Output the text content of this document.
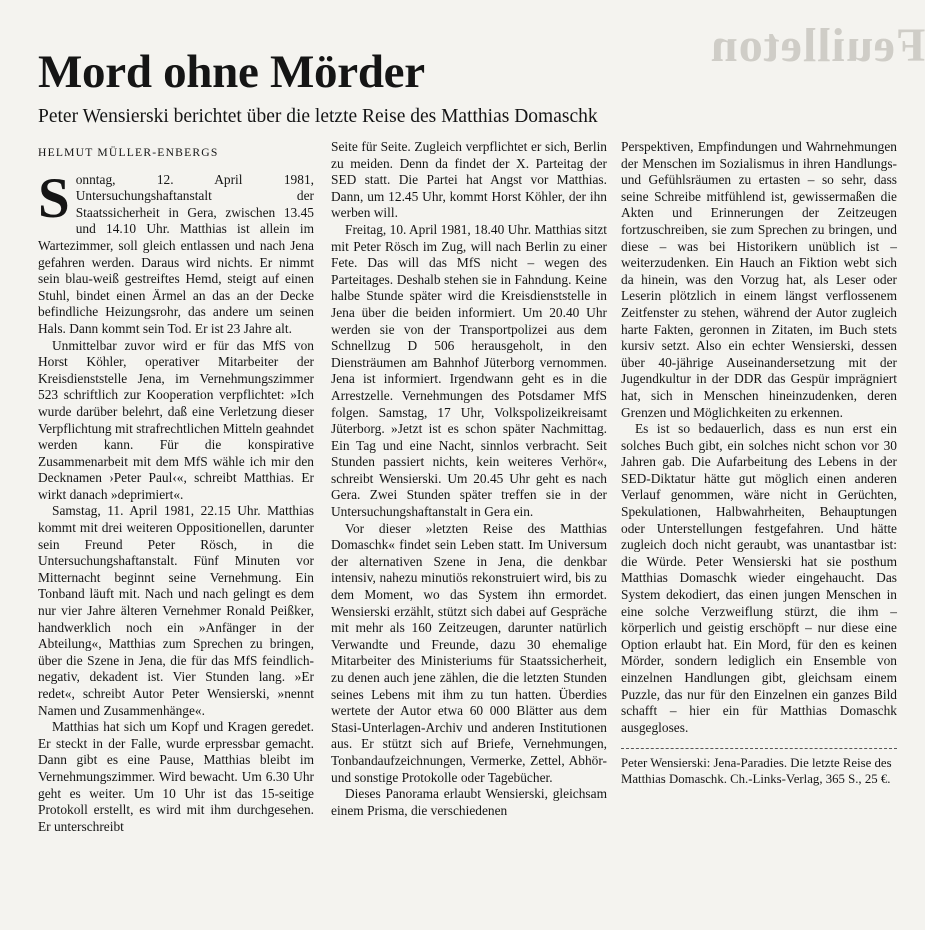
Feuilleton
Mord ohne Mörder

Peter Wensierski berichtet über die letzte Reise des Matthias Domaschk

HELMUT MÜLLER-ENBERGS

Sonntag, 12. April 1981, Untersuchungshaftanstalt der Staatssicherheit in Gera, zwischen 13.45 und 14.10 Uhr. Matthias ist allein im Wartezimmer, soll gleich entlassen und nach Jena gefahren werden. Daraus wird nichts. Er nimmt sein blau-weiß gestreiftes Hemd, steigt auf einen Stuhl, bindet einen Ärmel an das an der Decke befindliche Heizungsrohr, das andere um seinen Hals. Dann kommt sein Tod. Er ist 23 Jahre alt.

Unmittelbar zuvor wird er für das MfS von Horst Köhler, operativer Mitarbeiter der Kreisdienststelle Jena, im Vernehmungszimmer 523 schriftlich zur Kooperation verpflichtet: »Ich wurde darüber belehrt, daß eine Verletzung dieser Verpflichtung mit strafrechtlichen Mitteln geahndet werden kann. Für die konspirative Zusammenarbeit mit dem MfS wähle ich mir den Decknamen ›Peter Paul‹«, schreibt Matthias. Er wirkt danach »deprimiert«.

Samstag, 11. April 1981, 22.15 Uhr. Matthias kommt mit drei weiteren Oppositionellen, darunter sein Freund Peter Rösch, in die Untersuchungshaftanstalt. Fünf Minuten vor Mitternacht beginnt seine Vernehmung. Ein Tonband läuft mit. Nach und nach gelingt es dem nur vier Jahre älteren Vernehmer Ronald Peißker, handwerklich noch ein »Anfänger in der Abteilung«, Matthias zum Sprechen zu bringen, über die Szene in Jena, die für das MfS feindlich-negativ, dekadent ist. Vier Stunden lang. »Er redet«, schreibt Autor Peter Wensierski, »nennt Namen und Zusammenhänge«.

Matthias hat sich um Kopf und Kragen geredet. Er steckt in der Falle, wurde erpressbar gemacht. Dann gibt es eine Pause, Matthias bleibt im Vernehmungszimmer. Wird bewacht. Um 6.30 Uhr geht es weiter. Um 10 Uhr ist das 15-seitige Protokoll erstellt, es wird mit ihm durchgesehen. Er unterschreibt

Seite für Seite. Zugleich verpflichtet er sich, Berlin zu meiden. Denn da findet der X. Parteitag der SED statt. Die Partei hat Angst vor Matthias. Dann, um 12.45 Uhr, kommt Horst Köhler, der ihn werben will.

Freitag, 10. April 1981, 18.40 Uhr. Matthias sitzt mit Peter Rösch im Zug, will nach Berlin zu einer Fete. Das will das MfS nicht – wegen des Parteitages. Deshalb stehen sie in Fahndung. Keine halbe Stunde später wird die Kreisdienststelle in Jena über die beiden informiert. Um 20.40 Uhr werden sie von der Transportpolizei aus dem Schnellzug D 506 herausgeholt, in den Diensträumen am Bahnhof Jüterborg vernommen. Jena ist informiert. Irgendwann geht es in die Arrestzelle. Vernehmungen des Potsdamer MfS folgen. Samstag, 17 Uhr, Volkspolizeikreisamt Jüterborg. »Jetzt ist es schon später Nachmittag. Ein Tag und eine Nacht, sinnlos verbracht. Seit Stunden passiert nichts, kein weiteres Verhör«, schreibt Wensierski. Um 20.45 Uhr geht es nach Gera. Zwei Stunden später treffen sie in der Untersuchungshaftanstalt in Gera ein.

Vor dieser »letzten Reise des Matthias Domaschk« findet sein Leben statt. Im Universum der alternativen Szene in Jena, die denkbar intensiv, nahezu minutiös rekonstruiert wird, bis zu dem Moment, wo das System ihn ermordet. Wensierski erzählt, stützt sich dabei auf Gespräche mit mehr als 160 Zeitzeugen, darunter natürlich Verwandte und Freunde, dazu 30 ehemalige Mitarbeiter des Ministeriums für Staatssicherheit, zu denen auch jene zählen, die die letzten Stunden seines Lebens mit ihm zu tun hatten. Überdies wertete der Autor etwa 60 000 Blätter aus dem Stasi-Unterlagen-Archiv und anderen Institutionen aus. Er stützt sich auf Briefe, Vernehmungen, Tonbandaufzeichnungen, Vermerke, Zettel, Abhör- und sonstige Protokolle oder Tagebücher.

Dieses Panorama erlaubt Wensierski, gleichsam einem Prisma, die verschiedenen

Perspektiven, Empfindungen und Wahrnehmungen der Menschen im Sozialismus in ihren Handlungs- und Gefühlsräumen zu ertasten – so sehr, dass seine Schreibe mitfühlend ist, gewissermaßen die Akten und Erinnerungen der Zeitzeugen fortzuschreiben, sie zum Sprechen zu bringen, und diese – was bei Historikern unüblich ist – weiterzudenken. Ein Hauch an Fiktion webt sich da hinein, was den Vorzug hat, als Leser oder Leserin plötzlich in einem längst verflossenem Zeitfenster zu stehen, während der Autor zugleich harte Fakten, geronnen in Zitaten, im Buch stets kursiv setzt. Also ein echter Wensierski, dessen über 40-jährige Auseinandersetzung mit der Jugendkultur in der DDR das Gespür imprägniert hat, sich in Menschen hineinzudenken, deren Grenzen und Möglichkeiten zu erkennen.

Es ist so bedauerlich, dass es nun erst ein solches Buch gibt, ein solches nicht schon vor 30 Jahren gab. Die Aufarbeitung des Lebens in der SED-Diktatur hätte gut möglich einen anderen Verlauf genommen, wäre nicht in Gerüchten, Spekulationen, Halbwahrheiten, Behauptungen oder Unterstellungen festgefahren. Und hätte zugleich doch nicht geraubt, was unantastbar ist: die Würde. Peter Wensierski hat sie posthum Matthias Domaschk wieder eingehaucht. Das System dekodiert, das einen jungen Menschen in eine solche Verzweiflung stürzt, die ihm – körperlich und geistig erschöpft – nur diese eine Option erlaubt hat. Ein Mord, für den es keinen Mörder, sondern lediglich ein Ensemble von einzelnen Handlungen gibt, gleichsam einem Puzzle, das nur für den Einzelnen ein ganzes Bild schafft – hier ein für Matthias Domaschk ausgegloses.

Peter Wensierski: Jena-Paradies. Die letzte Reise des Matthias Domaschk. Ch.-Links-Verlag, 365 S., 25 €.
